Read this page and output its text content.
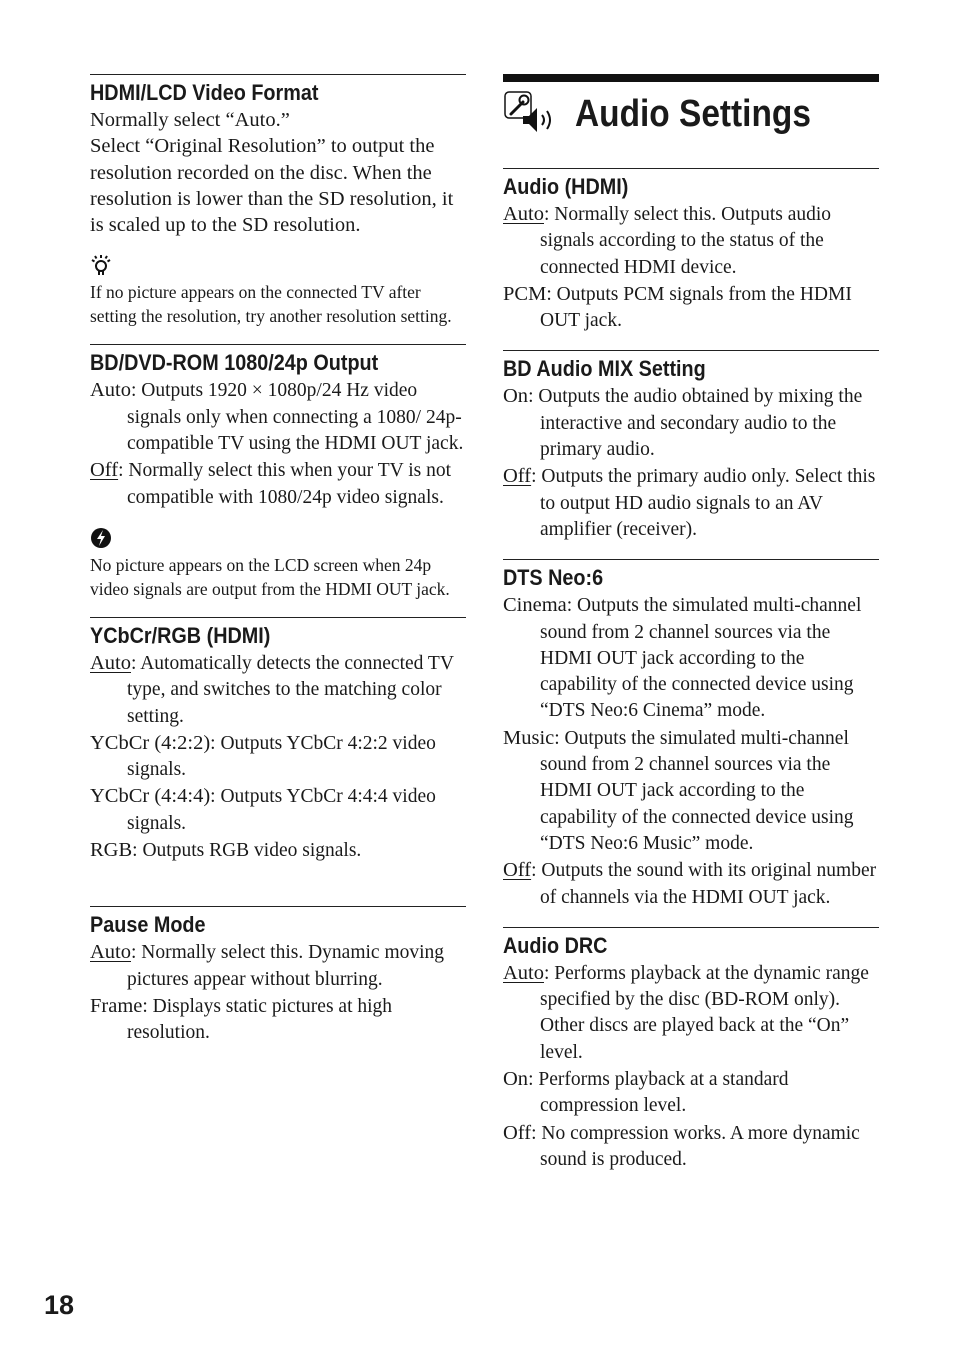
HDMI/LCD Video Format

Normally select “Auto.”

Select “Original Resolution” to output the resolution recorded on the disc. When the resolution is lower than the SD resolution, it is scaled up to the SD resolution.

If no picture appears on the connected TV after setting the resolution, try another resolution setting.

BD/DVD-ROM 1080/24p Output

Auto: Outputs 1920 × 1080p/24 Hz video signals only when connecting a 1080/ 24p-compatible TV using the HDMI OUT jack.

Off: Normally select this when your TV is not compatible with 1080/24p video signals.

No picture appears on the LCD screen when 24p video signals are output from the HDMI OUT jack.

YCbCr/RGB (HDMI)

Auto: Automatically detects the connected TV type, and switches to the matching color setting.

YCbCr (4:2:2): Outputs YCbCr 4:2:2 video signals.

YCbCr (4:4:4): Outputs YCbCr 4:4:4 video signals.

RGB: Outputs RGB video signals.

Pause Mode

Auto: Normally select this. Dynamic moving pictures appear without blurring.

Frame: Displays static pictures at high resolution.

Audio Settings
Audio (HDMI)

Auto: Normally select this. Outputs audio signals according to the status of the connected HDMI device.

PCM: Outputs PCM signals from the HDMI OUT jack.

BD Audio MIX Setting

On: Outputs the audio obtained by mixing the interactive and secondary audio to the primary audio.

Off: Outputs the primary audio only. Select this to output HD audio signals to an AV amplifier (receiver).

DTS Neo:6

Cinema: Outputs the simulated multi-channel sound from 2 channel sources via the HDMI OUT jack according to the capability of the connected device using “DTS Neo:6 Cinema” mode.

Music: Outputs the simulated multi-channel sound from 2 channel sources via the HDMI OUT jack according to the capability of the connected device using “DTS Neo:6 Music” mode.

Off: Outputs the sound with its original number of channels via the HDMI OUT jack.

Audio DRC

Auto: Performs playback at the dynamic range specified by the disc (BD-ROM only). Other discs are played back at the “On” level.

On: Performs playback at a standard compression level.

Off: No compression works. A more dynamic sound is produced.

18
